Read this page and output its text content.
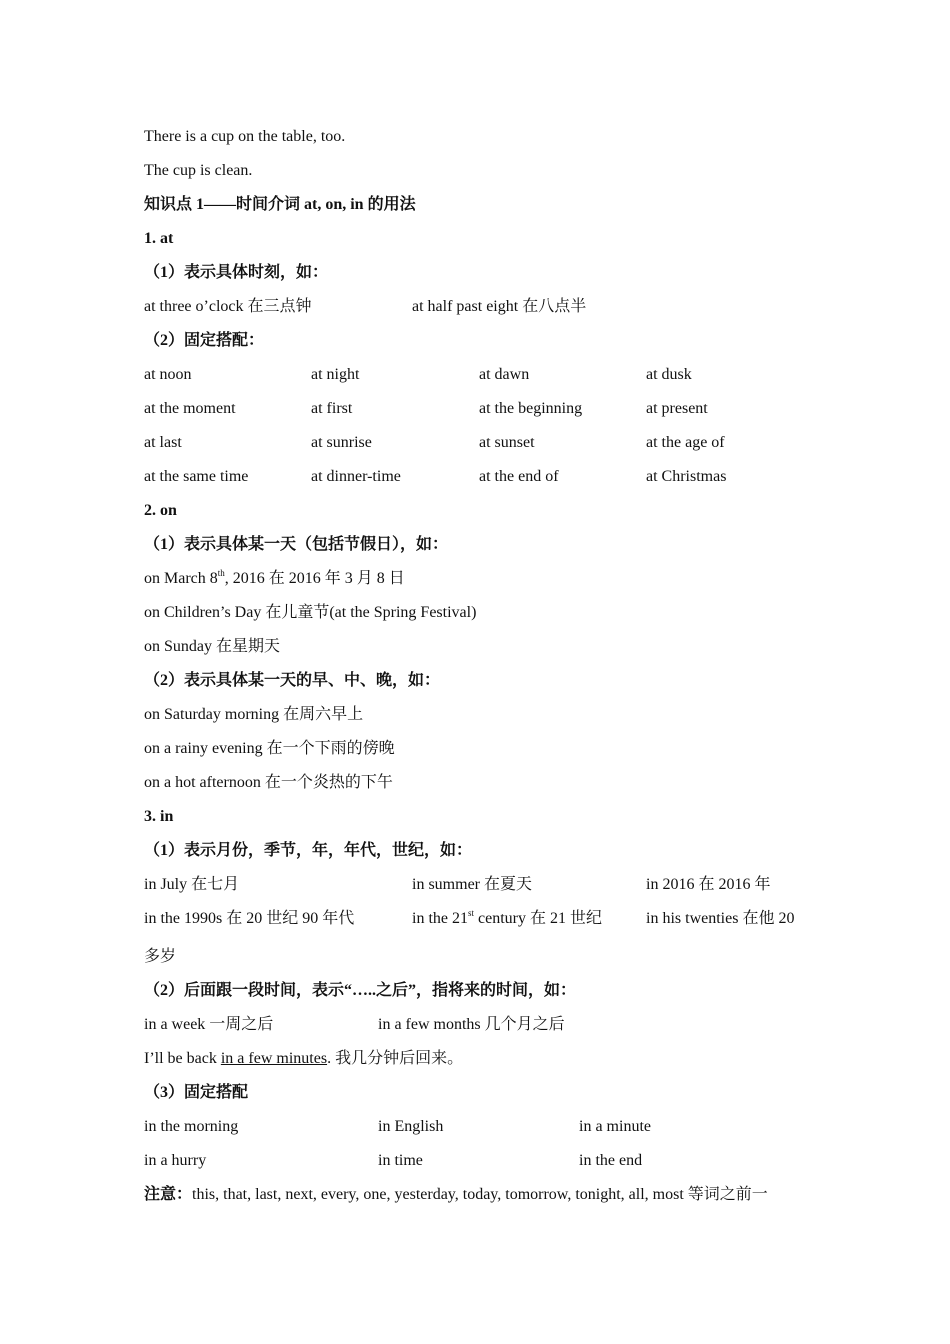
There is a cup on the table, too.
The cup is clean.
知识点 1——时间介词 at, on, in 的用法
1. at
（1）表示具体时刻，如：
at three o’clock 在三点钟	at half past eight 在八点半
（2）固定搭配：
at noon	at night	at dawn	at dusk
at the moment	at first	at the beginning	at present
at last	at sunrise	at sunset	at the age of
at the same time	at dinner-time	at the end of	at Christmas
2. on
（1）表示具体某一天（包括节假日），如：
on March 8th, 2016 在 2016 年 3 月 8 日
on Children’s Day 在儿童节(at the Spring Festival)
on Sunday 在星期天
（2）表示具体某一天的早、中、晚，如：
on Saturday morning 在周六早上
on a rainy evening 在一个下雨的傍晚
on a hot afternoon 在一个炎热的下午
3. in
（1）表示月份，季节，年，年代，世纪，如：
in July 在七月	in summer 在夏天	in 2016 在 2016 年
in the 1990s 在 20 世纪 90 年代	in the 21st century 在 21 世纪	in his twenties 在他 20
多岁
（2）后面跟一段时间，表示“…..之后”，指将来的时间，如：
in a week 一周之后	in a few months 几个月之后
I’ll be back in a few minutes. 我几分钟后回来。
（3）固定搭配
in the morning	in English	in a minute
in a hurry	in time	in the end
注意：this, that, last, next, every, one, yesterday, today, tomorrow, tonight, all, most 等词之前一
